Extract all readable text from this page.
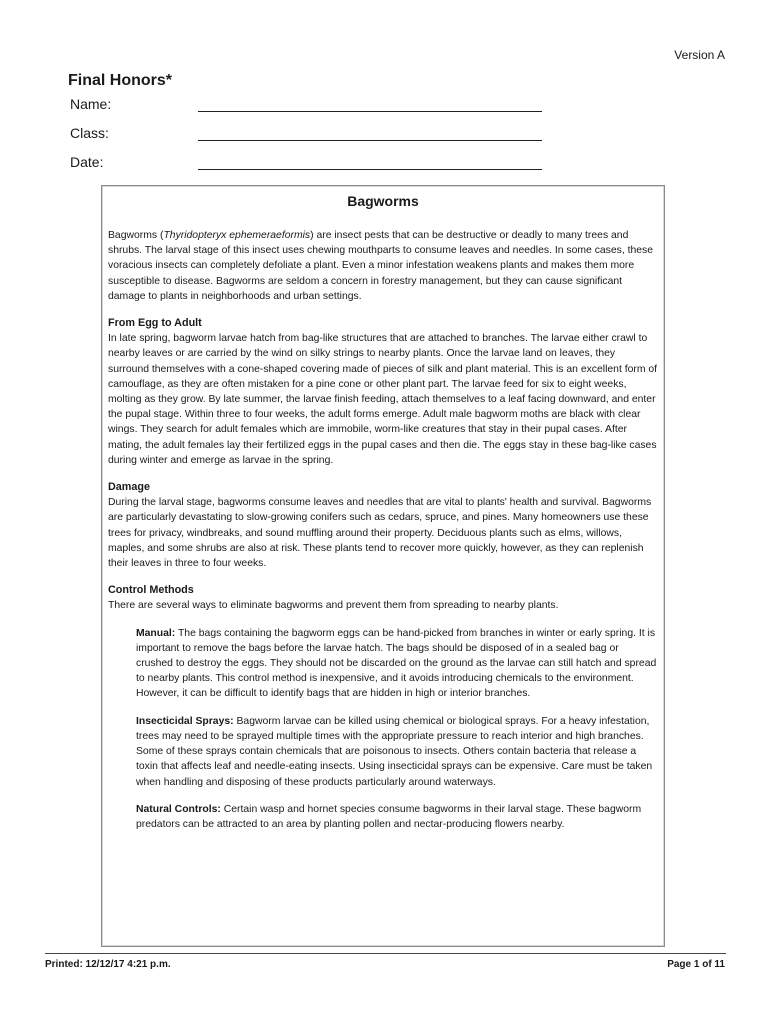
Version A
Final Honors*
Name:
Class:
Date:
Bagworms

Bagworms (Thyridopteryx ephemeraeformis) are insect pests that can be destructive or deadly to many trees and shrubs. The larval stage of this insect uses chewing mouthparts to consume leaves and needles. In some cases, these voracious insects can completely defoliate a plant. Even a minor infestation weakens plants and makes them more susceptible to disease. Bagworms are seldom a concern in forestry management, but they can cause significant damage to plants in neighborhoods and urban settings.

From Egg to Adult
In late spring, bagworm larvae hatch from bag-like structures that are attached to branches. The larvae either crawl to nearby leaves or are carried by the wind on silky strings to nearby plants. Once the larvae land on leaves, they surround themselves with a cone-shaped covering made of pieces of silk and plant material. This is an excellent form of camouflage, as they are often mistaken for a pine cone or other plant part. The larvae feed for six to eight weeks, molting as they grow. By late summer, the larvae finish feeding, attach themselves to a leaf facing downward, and enter the pupal stage. Within three to four weeks, the adult forms emerge. Adult male bagworm moths are black with clear wings. They search for adult females which are immobile, worm-like creatures that stay in their pupal cases. After mating, the adult females lay their fertilized eggs in the pupal cases and then die. The eggs stay in these bag-like cases during winter and emerge as larvae in the spring.
Damage
During the larval stage, bagworms consume leaves and needles that are vital to plants' health and survival. Bagworms are particularly devastating to slow-growing conifers such as cedars, spruce, and pines. Many homeowners use these trees for privacy, windbreaks, and sound muffling around their property. Deciduous plants such as elms, willows, maples, and some shrubs are also at risk. These plants tend to recover more quickly, however, as they can replenish their leaves in three to four weeks.
Control Methods
There are several ways to eliminate bagworms and prevent them from spreading to nearby plants.

Manual: The bags containing the bagworm eggs can be hand-picked from branches in winter or early spring. It is important to remove the bags before the larvae hatch. The bags should be disposed of in a sealed bag or crushed to destroy the eggs. They should not be discarded on the ground as the larvae can still hatch and spread to nearby plants. This control method is inexpensive, and it avoids introducing chemicals to the environment. However, it can be difficult to identify bags that are hidden in high or interior branches.

Insecticidal Sprays: Bagworm larvae can be killed using chemical or biological sprays. For a heavy infestation, trees may need to be sprayed multiple times with the appropriate pressure to reach interior and high branches. Some of these sprays contain chemicals that are poisonous to insects. Others contain bacteria that release a toxin that affects leaf and needle-eating insects. Using insecticidal sprays can be expensive. Care must be taken when handling and disposing of these products particularly around waterways.

Natural Controls: Certain wasp and hornet species consume bagworms in their larval stage. These bagworm predators can be attracted to an area by planting pollen and nectar-producing flowers nearby.

Printed: 12/12/17 4:21 p.m.	Page 1 of 11
